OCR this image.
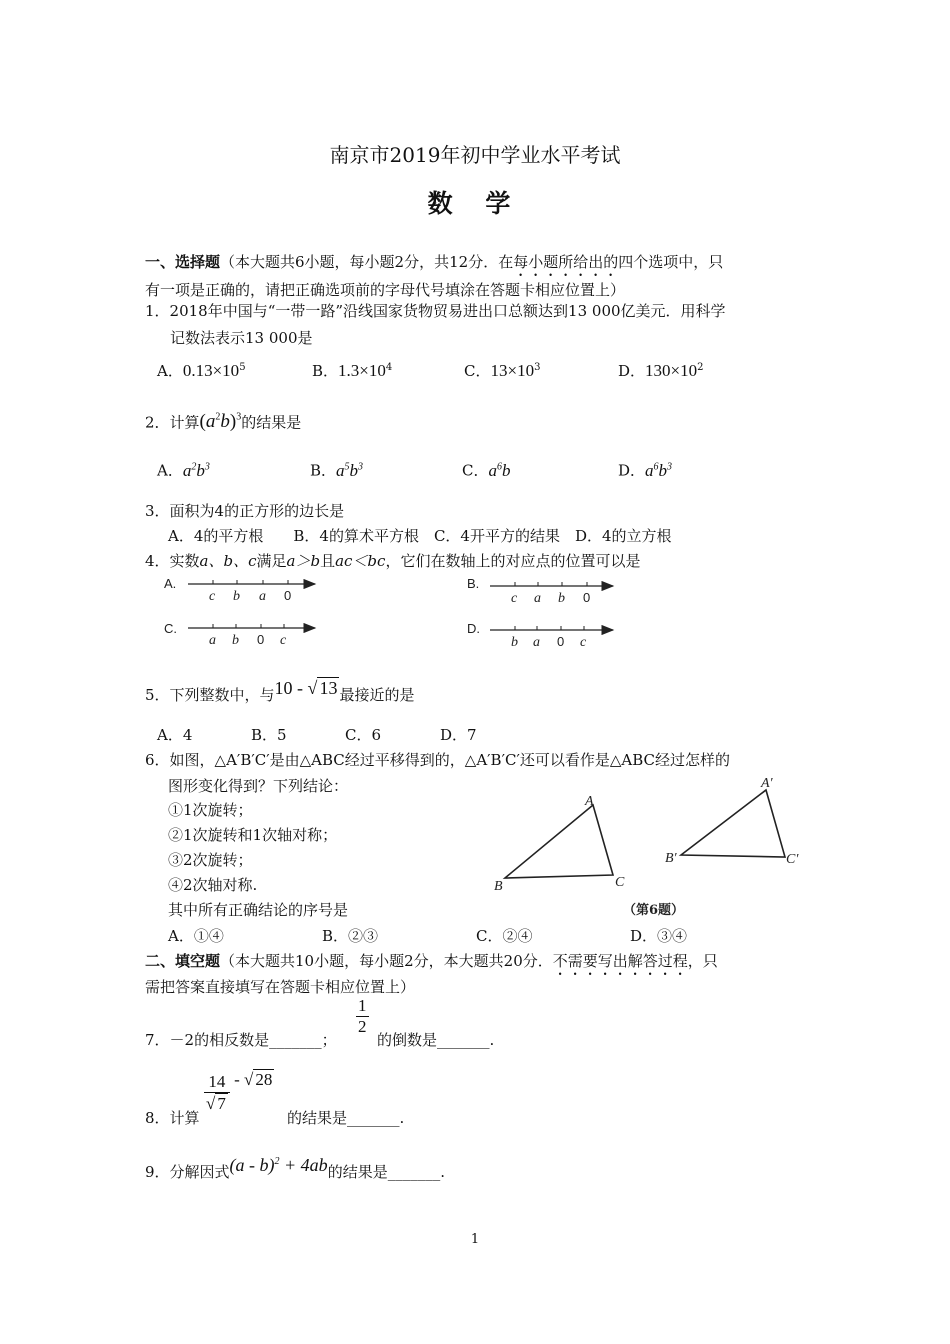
南京市2019年初中学业水平考试
数 学
一、选择题（本大题共6小题，每小题2分，共12分．在每小题所给出的四个选项中，只
有一项是正确的，请把正确选项前的字母代号填涂在答题卡相应位置上）
1．2018年中国与“一带一路”沿线国家货物贸易进出口总额达到13 000亿美元．用科学
记数法表示13 000是
A．$0.13\times 10^5$	B．$1.3\times 10^4$	C．$13\times 10^3$	D．$130\times 10^2$
2．计算$(a^2b)^3$的结果是
A．$a^2b^3$	B．$a^5b^3$	C．$a^6b$	D．$a^6b^3$
3．面积为4的正方形的边长是
A．4的平方根　　B．4的算术平方根　C．4开平方的结果　D．4的立方根
4．实数a、b、c满足a＞b且ac＜bc，它们在数轴上的对应点的位置可以是
A.
c b a 0
B.
c a b 0
C.
a b 0 c
D.
b a 0 c
5．下列整数中，与10 - √ 13 最接近的是
A．4	B．5	C．6	D．7
6．如图，△A′B′C′是由△ABC经过平移得到的，△A′B′C′还可以看作是△ABC经过怎样的
图形变化得到？下列结论：
①1次旋转；
②1次旋转和1次轴对称；
③2次旋转；
④2次轴对称.
其中所有正确结论的序号是
A．①④	B．②③	C．②④	D．③④
A
B	C
A′
B′	C′
（第6题）
二、填空题（本大题共10小题，每小题2分，本大题共20分．不需要写出解答过程，只
需把答案直接填写在答题卡相应位置上）
7．－2的相反数是_______；
$\frac{1}{2}$
的倒数是_______.
8．计算
$\frac{14}{√ 7}$ - √ 28
的结果是_______.
9．分解因式(a - b)$^2$ + 4ab的结果是_______.
1
